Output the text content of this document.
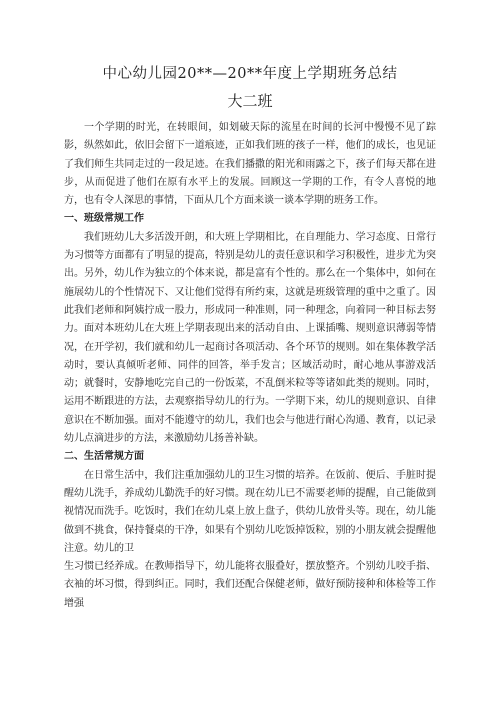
中心幼儿园20**—20**年度上学期班务总结
大二班

一个学期的时光，在转眼间，如划破天际的流星在时间的长河中慢慢不见了踪影，纵然如此，依旧会留下一道痕迹，正如我们班的孩子一样，他们的成长，也见证了我们师生共同走过的一段足迹。在我们播撒的阳光和雨露之下，孩子们每天都在进步，从而促进了他们在原有水平上的发展。回顾这一学期的工作，有令人喜悦的地方，也有令人深思的事情，下面从几个方面来谈一谈本学期的班务工作。

一、班级常规工作

我们班幼儿大多活泼开朗，和大班上学期相比，在自理能力、学习态度、日常行为习惯等方面都有了明显的提高，特别是幼儿的责任意识和学习积极性，进步尤为突出。另外，幼儿作为独立的个体来说，都是富有个性的。那么在一个集体中，如何在施展幼儿的个性情况下、又让他们觉得有所约束，这就是班级管理的重中之重了。因此我们老师和阿姨拧成一股力，形成同一种准则，同一种理念，向着同一种目标去努力。面对本班幼儿在大班上学期表现出来的活动自由、上课插嘴、规则意识薄弱等情况，在开学初，我们就和幼儿一起商讨各项活动、各个环节的规则。如在集体教学活动时，要认真倾听老师、同伴的回答，举手发言；区域活动时，耐心地从事游戏活动；就餐时，安静地吃完自己的一份饭菜，不乱倒米粒等等诸如此类的规则。同时，运用不断跟进的方法，去观察指导幼儿的行为。一学期下来，幼儿的规则意识、自律意识在不断加强。面对不能遵守的幼儿，我们也会与他进行耐心沟通、教育，以记录幼儿点滴进步的方法，来激励幼儿扬善补缺。

二、生活常规方面

在日常生活中，我们注重加强幼儿的卫生习惯的培养。在饭前、便后、手脏时提醒幼儿洗手，养成幼儿勤洗手的好习惯。现在幼儿已不需要老师的提醒，自己能做到视情况而洗手。吃饭时，我们在幼儿桌上放上盘子，供幼儿放骨头等。现在，幼儿能做到不挑食，保持餐桌的干净，如果有个别幼儿吃饭掉饭粒，别的小朋友就会提醒他注意。幼儿的卫

生习惯已经养成。在教师指导下，幼儿能将衣服叠好，摆放整齐。个别幼儿咬手指、衣袖的坏习惯，得到纠正。同时，我们还配合保健老师，做好预防接种和体检等工作增强
